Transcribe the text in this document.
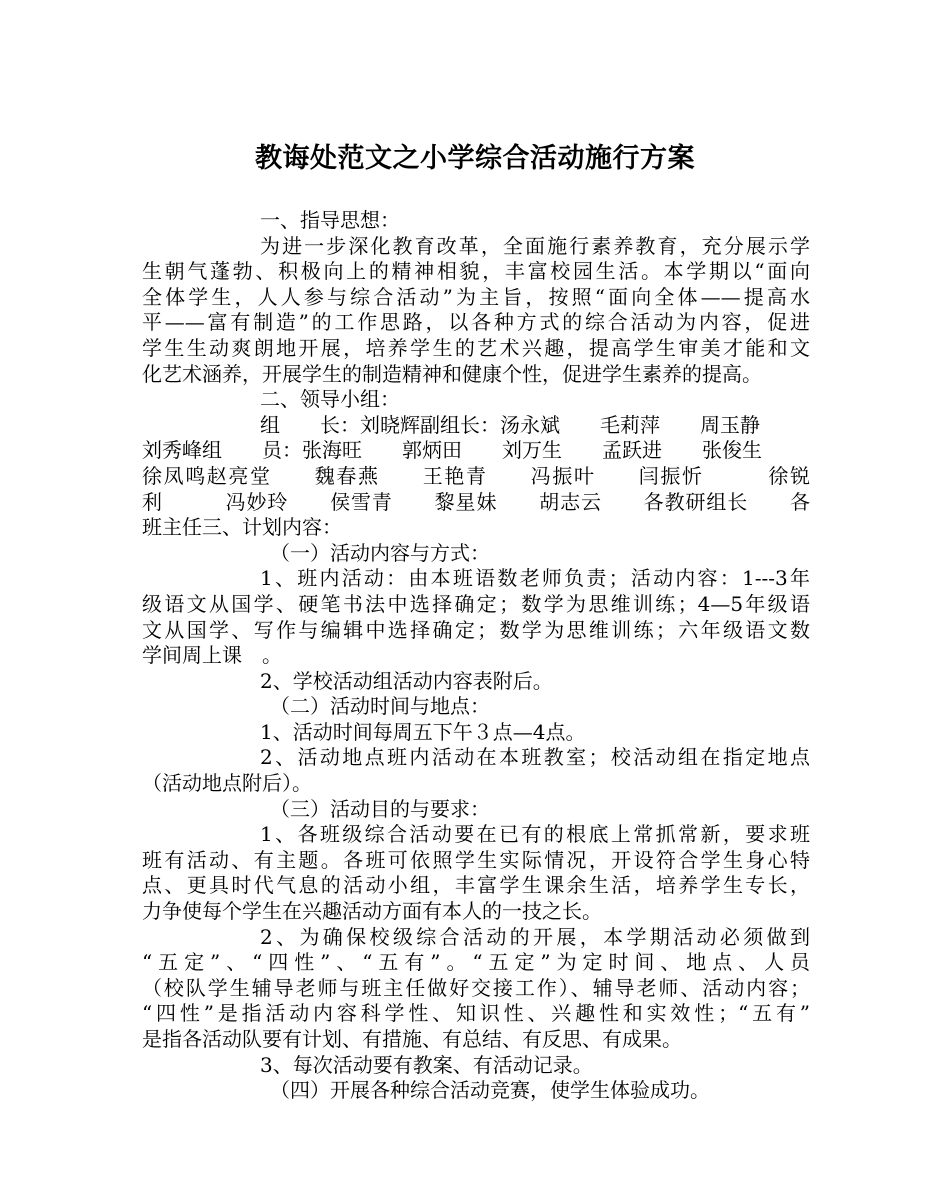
教诲处范文之小学综合活动施行方案
一、指导思想：
为进一步深化教育改革，全面施行素养教育，充分展示学
生朝气蓬勃、积极向上的精神相貌，丰富校园生活。本学期以“面向
全体学生，人人参与综合活动”为主旨，按照“面向全体——提高水
平——富有制造”的工作思路，以各种方式的综合活动为内容，促进
学生生动爽朗地开展，培养学生的艺术兴趣，提高学生审美才能和文
化艺术涵养，开展学生的制造精神和健康个性，促进学生素养的提高。
二、领导小组：
组　　长：刘晓辉副组长：汤永斌　　毛莉萍　　周玉静
刘秀峰组　　员：张海旺　　郭炳田　　刘万生　　孟跃进　　张俊生
徐凤鸣赵亮堂　　魏春燕　　王艳青　　冯振叶　　闫振忻　　　徐锐
利　　　冯妙玲　　侯雪青　　黎星妹　　胡志云　　各教研组长　　各
班主任三、计划内容：
（一）活动内容与方式：
1、班内活动：由本班语数老师负责；活动内容：1---3年
级语文从国学、硬笔书法中选择确定；数学为思维训练；4—5年级语
文从国学、写作与编辑中选择确定；数学为思维训练；六年级语文数
学间周上课　。
2、学校活动组活动内容表附后。
（二）活动时间与地点：
1、活动时间每周五下午３点—4点。
2、活动地点班内活动在本班教室；校活动组在指定地点
（活动地点附后）。
（三）活动目的与要求：
1、各班级综合活动要在已有的根底上常抓常新，要求班
班有活动、有主题。各班可依照学生实际情况，开设符合学生身心特
点、更具时代气息的活动小组，丰富学生课余生活，培养学生专长，
力争使每个学生在兴趣活动方面有本人的一技之长。
2、为确保校级综合活动的开展，本学期活动必须做到
“五定”、“四性”、“五有”。“五定”为定时间、地点、人员
（校队学生辅导老师与班主任做好交接工作）、辅导老师、活动内容；
“四性”是指活动内容科学性、知识性、兴趣性和实效性；“五有”
是指各活动队要有计划、有措施、有总结、有反思、有成果。
3、每次活动要有教案、有活动记录。
（四）开展各种综合活动竞赛，使学生体验成功。
